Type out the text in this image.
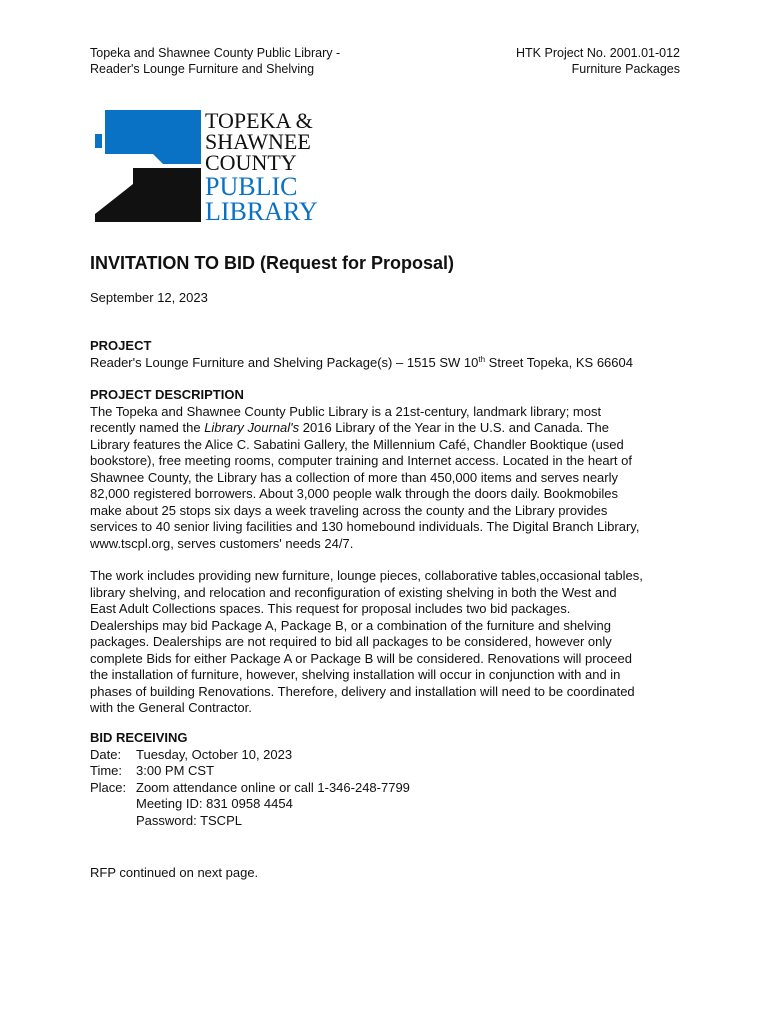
Topeka and Shawnee County Public Library -
Reader's Lounge Furniture and Shelving
HTK Project No. 2001.01-012
Furniture Packages
TOPEKA &
SHAWNEE
COUNTY
PUBLIC
LIBRARY
INVITATION TO BID (Request for Proposal)
September 12, 2023
PROJECT
Reader's Lounge Furniture and Shelving Package(s) – 1515 SW 10th Street Topeka, KS 66604
PROJECT DESCRIPTION
The Topeka and Shawnee County Public Library is a 21st-century, landmark library; most
recently named the Library Journal's 2016 Library of the Year in the U.S. and Canada. The
Library features the Alice C. Sabatini Gallery, the Millennium Café, Chandler Booktique (used
bookstore), free meeting rooms, computer training and Internet access. Located in the heart of
Shawnee County, the Library has a collection of more than 450,000 items and serves nearly
82,000 registered borrowers. About 3,000 people walk through the doors daily. Bookmobiles
make about 25 stops six days a week traveling across the county and the Library provides
services to 40 senior living facilities and 130 homebound individuals. The Digital Branch Library,
www.tscpl.org, serves customers' needs 24/7.
The work includes providing new furniture, lounge pieces, collaborative tables,occasional tables,
library shelving, and relocation and reconfiguration of existing shelving in both the West and
East Adult Collections spaces. This request for proposal includes two bid packages.
Dealerships may bid Package A, Package B, or a combination of the furniture and shelving
packages. Dealerships are not required to bid all packages to be considered, however only
complete Bids for either Package A or Package B will be considered. Renovations will proceed
the installation of furniture, however, shelving installation will occur in conjunction with and in
phases of building Renovations. Therefore, delivery and installation will need to be coordinated
with the General Contractor.
BID RECEIVING
Date:	Tuesday, October 10, 2023
Time:	3:00 PM CST
Place: Zoom attendance online or call 1-346-248-7799
Meeting ID: 831 0958 4454
Password: TSCPL
RFP continued on next page.
